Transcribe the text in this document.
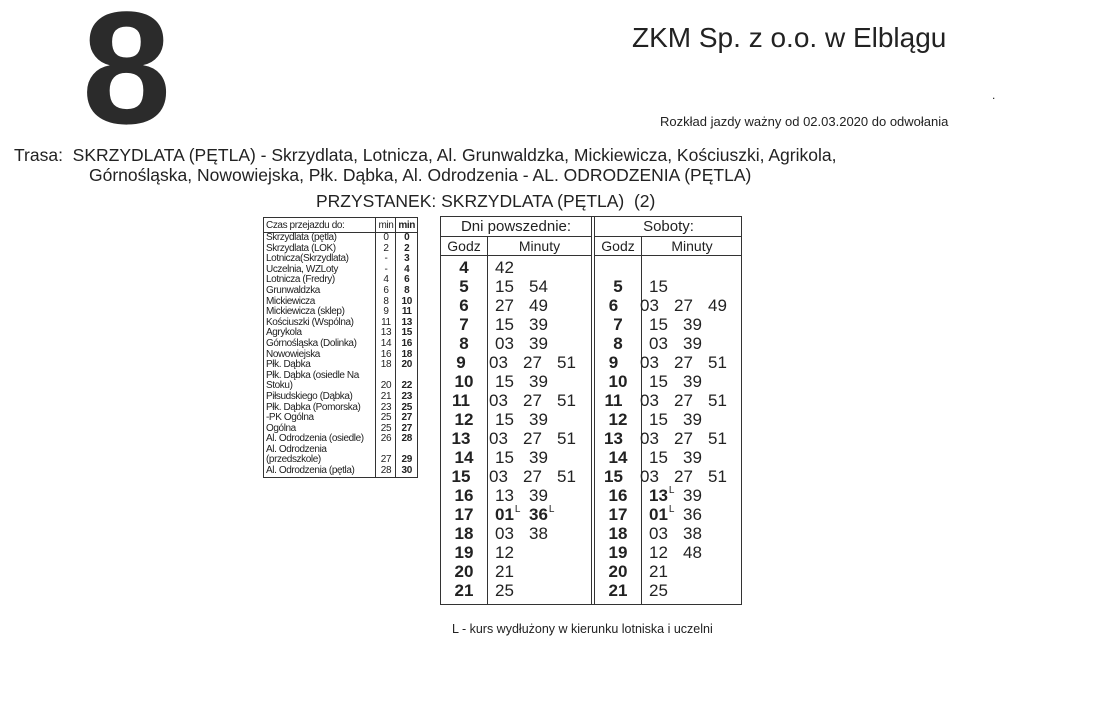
8	ZKM Sp. z o.o. w Elblągu
.
Rozkład jazdy ważny od 02.03.2020 do odwołania
Trasa:  SKRZYDLATA (PĘTLA) - Skrzydlata, Lotnicza, Al. Grunwaldzka, Mickiewicza, Kościuszki, Agrikola,
Górnośląska, Nowowiejska, Płk. Dąbka, Al. Odrodzenia - AL. ODRODZENIA (PĘTLA)
PRZYSTANEK: SKRZYDLATA (PĘTLA)  (2)
Czas przejazdu do:	min	min
Skrzydlata (pętla)	0	0
Skrzydlata (LOK)	2	2
Lotnicza(Skrzydlata)	-	3
Uczelnia, WZLoty	-	4
Lotnicza (Fredry)	4	6
Grunwaldzka	6	8
Mickiewicza	8	10
Mickiewicza (sklep)	9	11
Kościuszki (Wspólna)	11	13
Agrykola	13	15
Górnośląska (Dolinka)	14	16
Nowowiejska	16	18
Płk. Dąbka	18	20
Płk. Dąbka (osiedle Na Stoku)	20	22
Piłsudskiego (Dąbka)	21	23
Płk. Dąbka (Pomorska)	23	25
-PK Ogólna	25	27
Ogólna	25	27
Al. Odrodzenia (osiedle)	26	28
Al. Odrodzenia (przedszkole)	27	29
Al. Odrodzenia (pętla)	28	30
Dni powszednie:
Godz	Minuty
4	42
5	15 54
6	27 49
7	15 39
8	03 39
9	03 27 51
10	15 39
11	03 27 51
12	15 39
13	03 27 51
14	15 39
15	03 27 51
16	13 39
17	01 L 36 L
18	03 38
19	12
20	21
21	25
Soboty:
Godz	Minuty
5	15
6	03 27 49
7	15 39
8	03 39
9	03 27 51
10	15 39
11	03 27 51
12	15 39
13	03 27 51
14	15 39
15	03 27 51
16	13 L 39
17	01 L 36
18	03 38
19	12 48
20	21
21	25
L - kurs wydłużony w kierunku lotniska i uczelni
